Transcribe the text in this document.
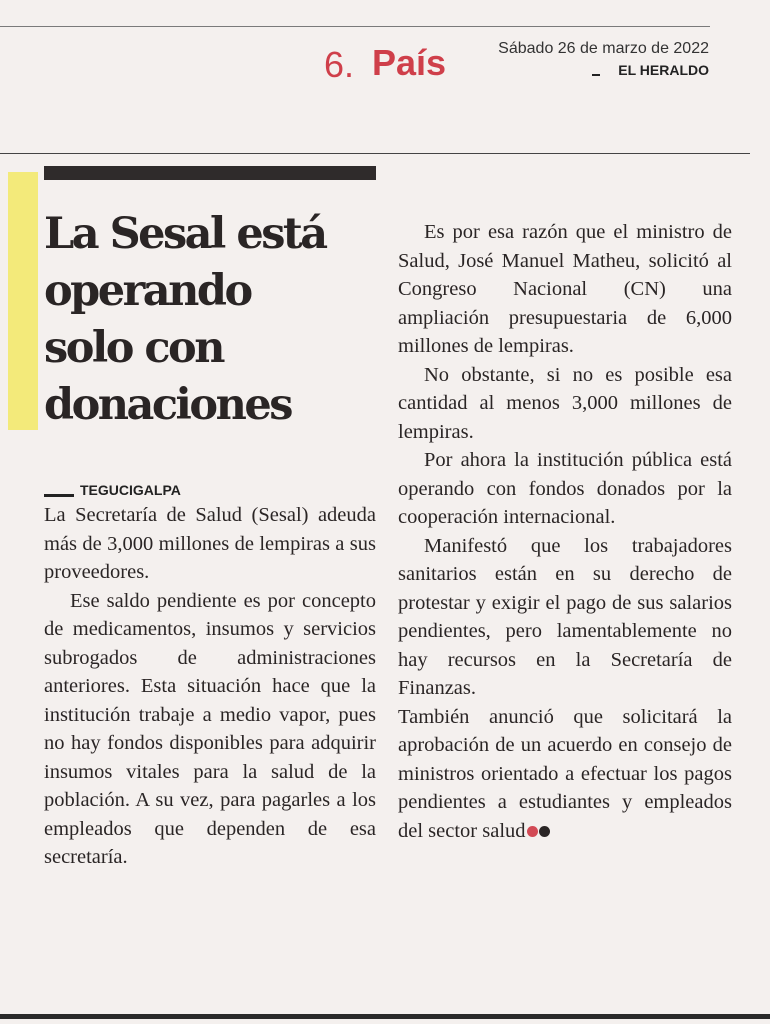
6. País	Sábado 26 de marzo de 2022
EL HERALDO
La Sesal está
operando
solo con
donaciones
TEGUCIGALPA

La Secretaría de Salud (Sesal) adeuda más de 3,000 millones de lempiras a sus proveedores.

Ese saldo pendiente es por concepto de medicamentos, insumos y servicios subrogados de administraciones anteriores. Esta situación hace que la institución trabaje a medio vapor, pues no hay fondos disponibles para adquirir insumos vitales para la salud de la población. A su vez, para pagarles a los empleados que dependen de esa secretaría.

Es por esa razón que el ministro de Salud, José Manuel Matheu, solicitó al Congreso Nacional (CN) una ampliación presupuestaria de 6,000 millones de lempiras.

No obstante, si no es posible esa cantidad al menos 3,000 millones de lempiras.

Por ahora la institución pública está operando con fondos donados por la cooperación internacional.

Manifestó que los trabajadores sanitarios están en su derecho de protestar y exigir el pago de sus salarios pendientes, pero lamentablemente no hay recursos en la Secretaría de Finanzas.

También anunció que solicitará la aprobación de un acuerdo en consejo de ministros orientado a efectuar los pagos pendientes a estudiantes y empleados del sector salud
